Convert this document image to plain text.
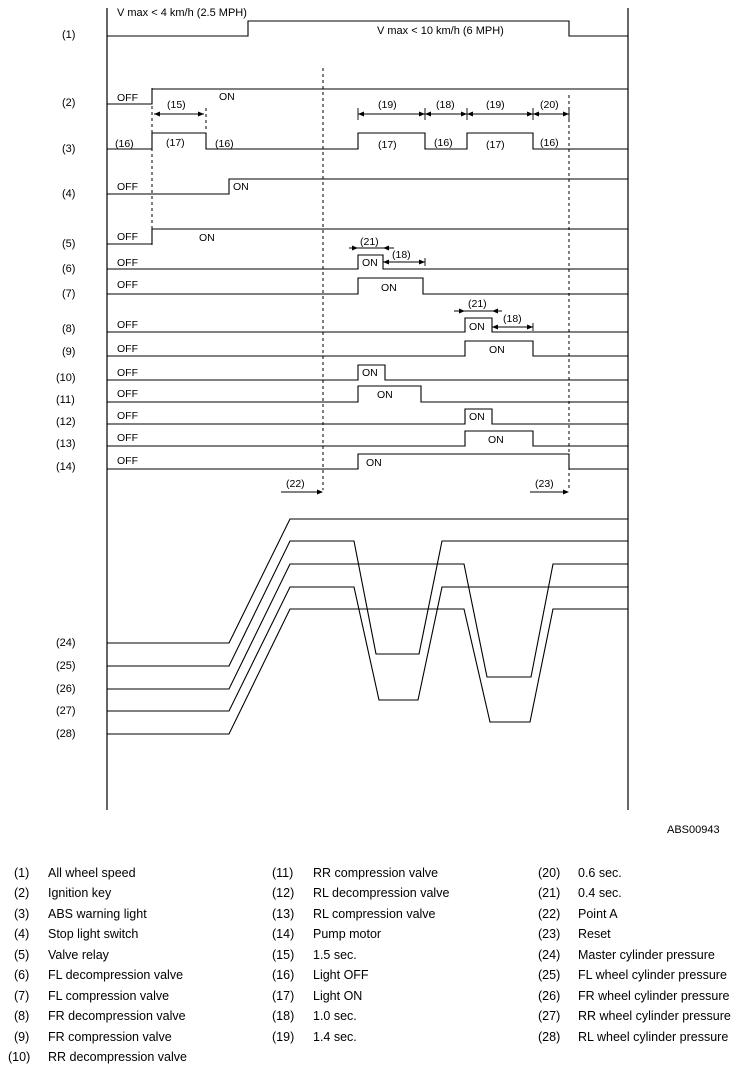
(1)
V max < 4 km/h (2.5 MPH)
V max < 10 km/h (6 MPH)
(2)	OFF	ON
(15)	(19)	(18)	(19)	(20)
(3)	(16)	(17)	(16)	(17)	(16)	(17)	(16)
(4)
OFF	ON
(5)
OFF	ON
(6)	OFF	ON
(21)
(18)
(7)
OFF	ON
(8)	OFF	ON
(21)
(18)
(9)	OFF	ON
(10)	OFF	ON
(11)	OFF	ON
(12)	OFF	ON
(13)	OFF	ON
(14)	OFF	ON
(22)	(23)
(24)
(25)
(26)
(27)
(28)
ABS00943
(1) All wheel speed
(2) Ignition key
(3) ABS warning light
(4) Stop light switch
(5) Valve relay
(6) FL decompression valve
(7) FL compression valve
(8) FR decompression valve
(9) FR compression valve
(10) RR decompression valve
(11) RR compression valve
(12) RL decompression valve
(13) RL compression valve
(14) Pump motor
(15) 1.5 sec.
(16) Light OFF
(17) Light ON
(18) 1.0 sec.
(19) 1.4 sec.
(20) 0.6 sec.
(21) 0.4 sec.
(22) Point A
(23) Reset
(24) Master cylinder pressure
(25) FL wheel cylinder pressure
(26) FR wheel cylinder pressure
(27) RR wheel cylinder pressure
(28) RL wheel cylinder pressure
